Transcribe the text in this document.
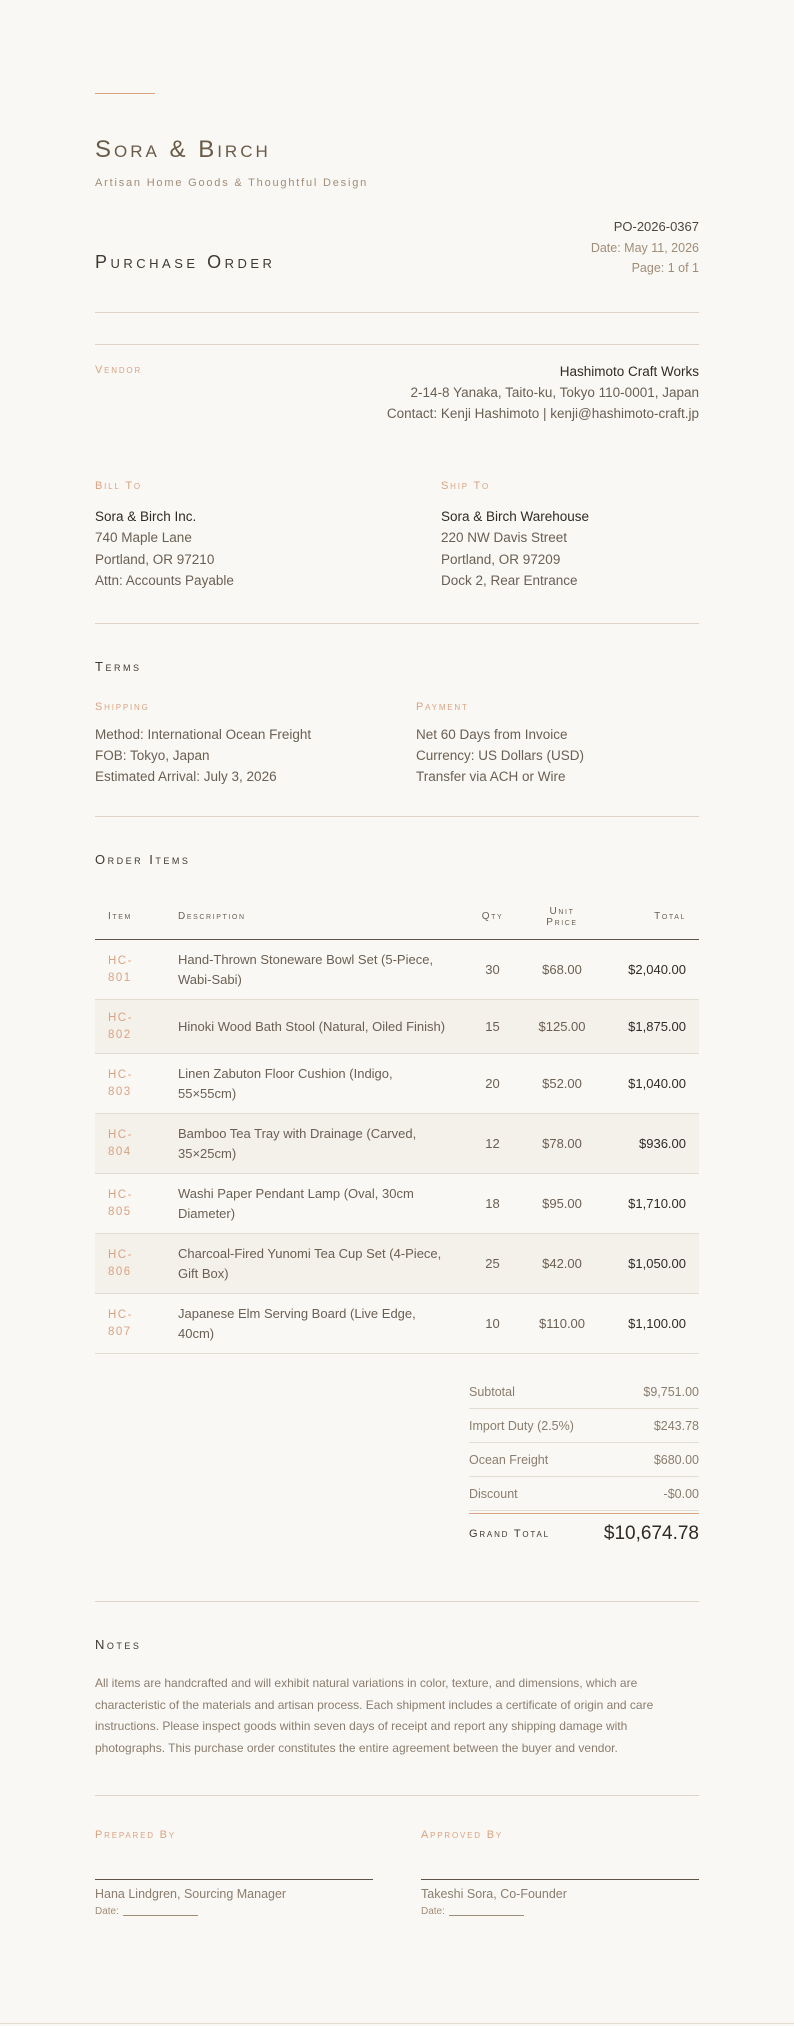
Sora & Birch
Artisan Home Goods & Thoughtful Design
Purchase Order
PO-2026-0367
Date: May 11, 2026
Page: 1 of 1
Vendor	Hashimoto Craft Works
2-14-8 Yanaka, Taito-ku, Tokyo 110-0001, Japan
Contact: Kenji Hashimoto | kenji@hashimoto-craft.jp
Bill To
Sora & Birch Inc.
740 Maple Lane
Portland, OR 97210
Attn: Accounts Payable
Ship To
Sora & Birch Warehouse
220 NW Davis Street
Portland, OR 97209
Dock 2, Rear Entrance
Terms
Shipping
Method: International Ocean Freight
FOB: Tokyo, Japan
Estimated Arrival: July 3, 2026
Payment
Net 60 Days from Invoice
Currency: US Dollars (USD)
Transfer via ACH or Wire
Order Items
Item	Description	Qty	Unit
Price	Total
HC-
801	Hand-Thrown Stoneware Bowl Set (5-Piece, Wabi-Sabi)	30	$68.00	$2,040.00
HC-
802	Hinoki Wood Bath Stool (Natural, Oiled Finish)	15	$125.00	$1,875.00
HC-
803	Linen Zabuton Floor Cushion (Indigo, 55×55cm)	20	$52.00	$1,040.00
HC-
804	Bamboo Tea Tray with Drainage (Carved, 35×25cm)	12	$78.00	$936.00
HC-
805	Washi Paper Pendant Lamp (Oval, 30cm Diameter)	18	$95.00	$1,710.00
HC-
806	Charcoal-Fired Yunomi Tea Cup Set (4-Piece, Gift Box)	25	$42.00	$1,050.00
HC-
807	Japanese Elm Serving Board (Live Edge, 40cm)	10	$110.00	$1,100.00
Subtotal	$9,751.00
Import Duty (2.5%)	$243.78
Ocean Freight	$680.00
Discount	-$0.00
Grand Total	$10,674.78
Notes
All items are handcrafted and will exhibit natural variations in color, texture, and dimensions, which are characteristic of the materials and artisan process. Each shipment includes a certificate of origin and care instructions. Please inspect goods within seven days of receipt and report any shipping damage with photographs. This purchase order constitutes the entire agreement between the buyer and vendor.
Prepared By
Hana Lindgren, Sourcing Manager
Date:
Approved By
Takeshi Sora, Co-Founder
Date:
